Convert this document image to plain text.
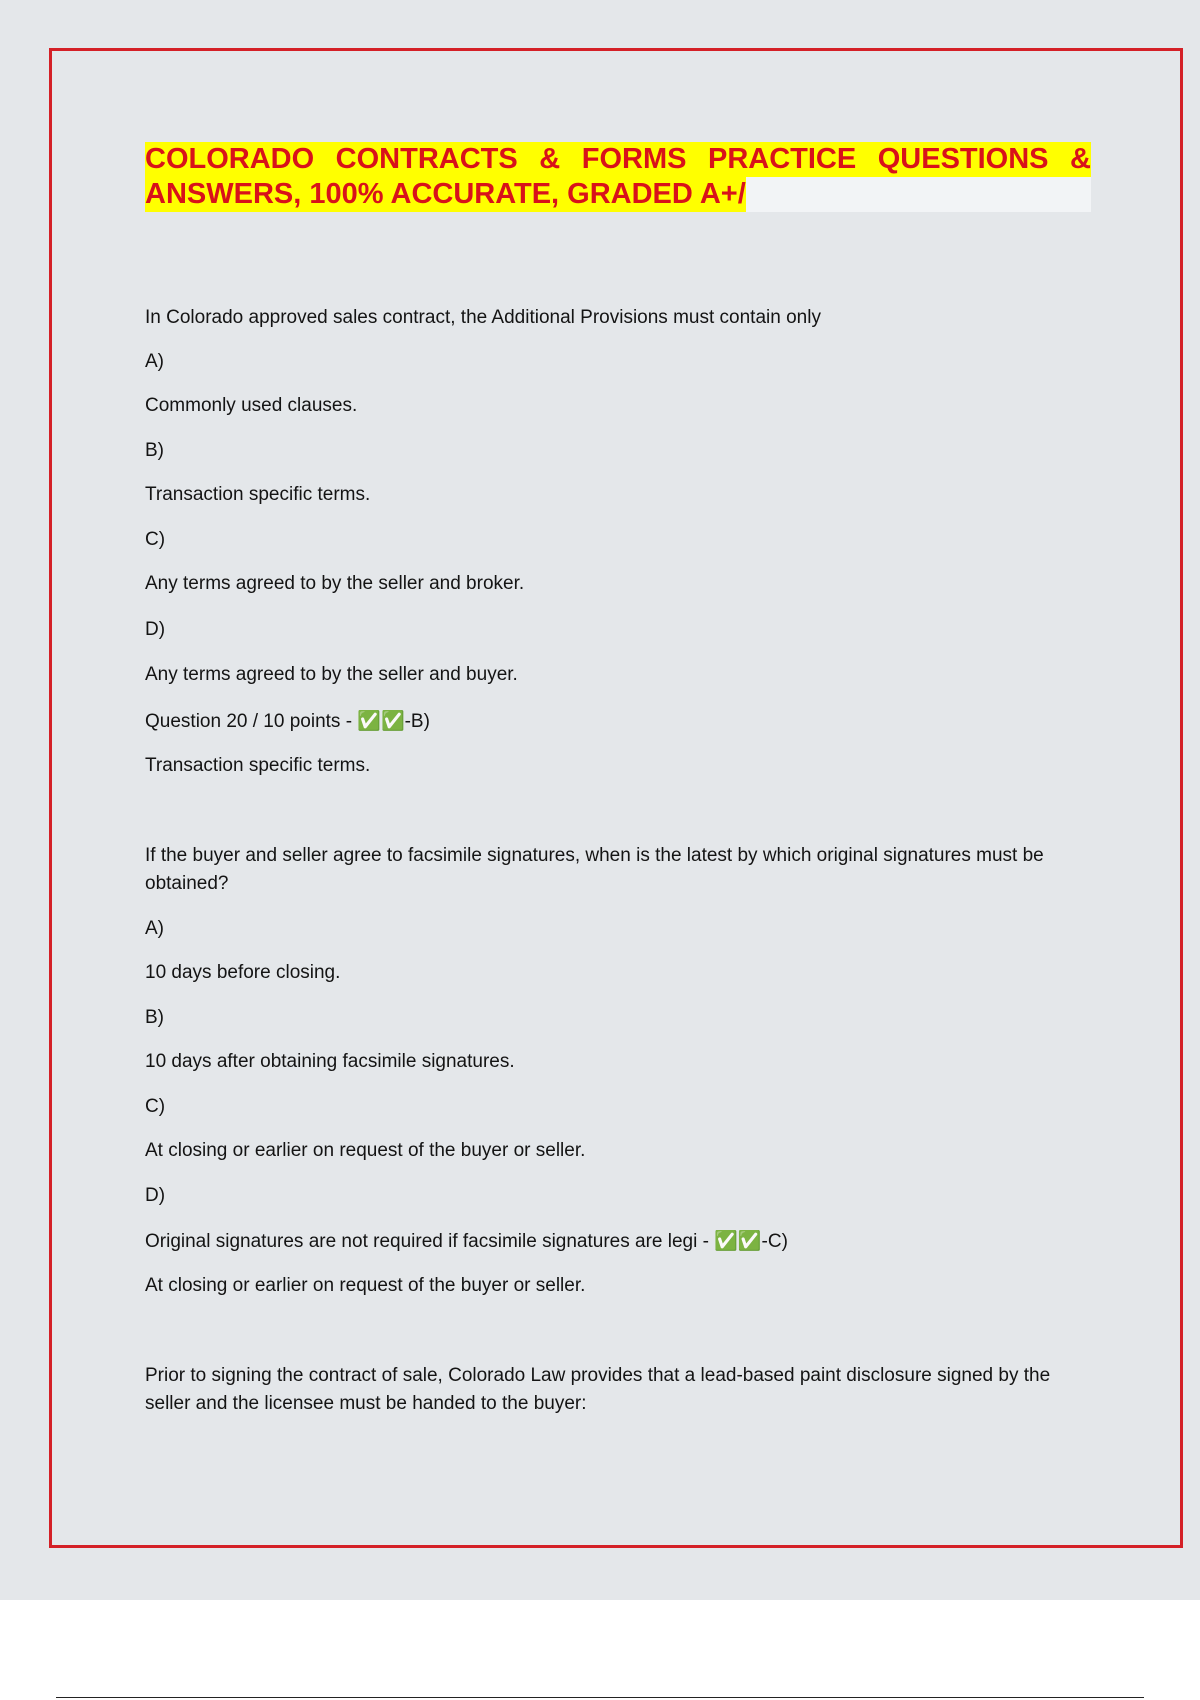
COLORADO CONTRACTS & FORMS PRACTICE QUESTIONS &
ANSWERS, 100% ACCURATE, GRADED A+/

In Colorado approved sales contract, the Additional Provisions must contain only

A)

Commonly used clauses.

B)

Transaction specific terms.

C)

Any terms agreed to by the seller and broker.

D)

Any terms agreed to by the seller and buyer.

Question 20 / 10 points - ✅✅-B)

Transaction specific terms.

If the buyer and seller agree to facsimile signatures, when is the latest by which original signatures must be obtained?

A)

10 days before closing.

B)

10 days after obtaining facsimile signatures.

C)

At closing or earlier on request of the buyer or seller.

D)

Original signatures are not required if facsimile signatures are legi - ✅✅-C)

At closing or earlier on request of the buyer or seller.

Prior to signing the contract of sale, Colorado Law provides that a lead-based paint disclosure signed by the seller and the licensee must be handed to the buyer:
